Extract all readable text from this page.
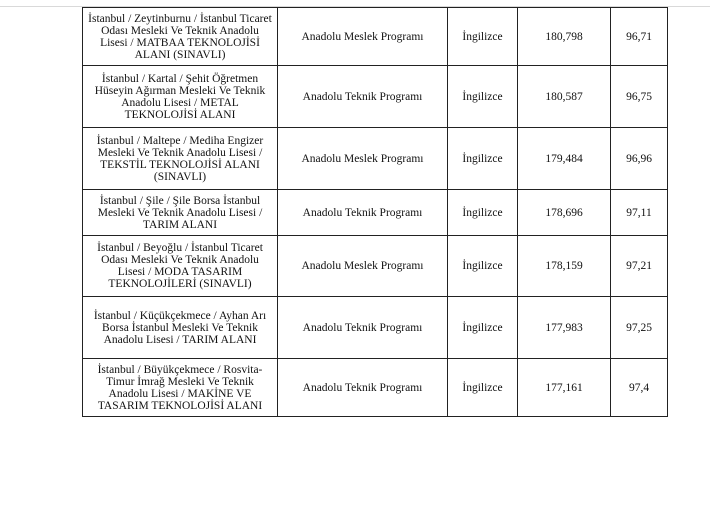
İstanbul / Zeytinburnu / İstanbul Ticaret Odası Mesleki Ve Teknik Anadolu Lisesi / MATBAA TEKNOLOJİSİ ALANI (SINAVLI)	Anadolu Meslek Programı	İngilizce	180,798	96,71

İstanbul / Kartal / Şehit Öğretmen Hüseyin Ağırman Mesleki Ve Teknik Anadolu Lisesi / METAL TEKNOLOJİSİ ALANI	Anadolu Teknik Programı	İngilizce	180,587	96,75

İstanbul / Maltepe / Mediha Engizer Mesleki Ve Teknik Anadolu Lisesi / TEKSTİL TEKNOLOJİSİ ALANI (SINAVLI)	Anadolu Meslek Programı	İngilizce	179,484	96,96

İstanbul / Şile / Şile Borsa İstanbul Mesleki Ve Teknik Anadolu Lisesi / TARIM ALANI	Anadolu Teknik Programı	İngilizce	178,696	97,11

İstanbul / Beyoğlu / İstanbul Ticaret Odası Mesleki Ve Teknik Anadolu Lisesi / MODA TASARIM TEKNOLOJİLERİ (SINAVLI)	Anadolu Meslek Programı	İngilizce	178,159	97,21

İstanbul / Küçükçekmece / Ayhan Arı Borsa İstanbul Mesleki Ve Teknik Anadolu Lisesi / TARIM ALANI	Anadolu Teknik Programı	İngilizce	177,983	97,25

İstanbul / Büyükçekmece / Rosvita-Timur İmrağ Mesleki Ve Teknik Anadolu Lisesi / MAKİNE VE TASARIM TEKNOLOJİSİ ALANI	Anadolu Teknik Programı	İngilizce	177,161	97,4
